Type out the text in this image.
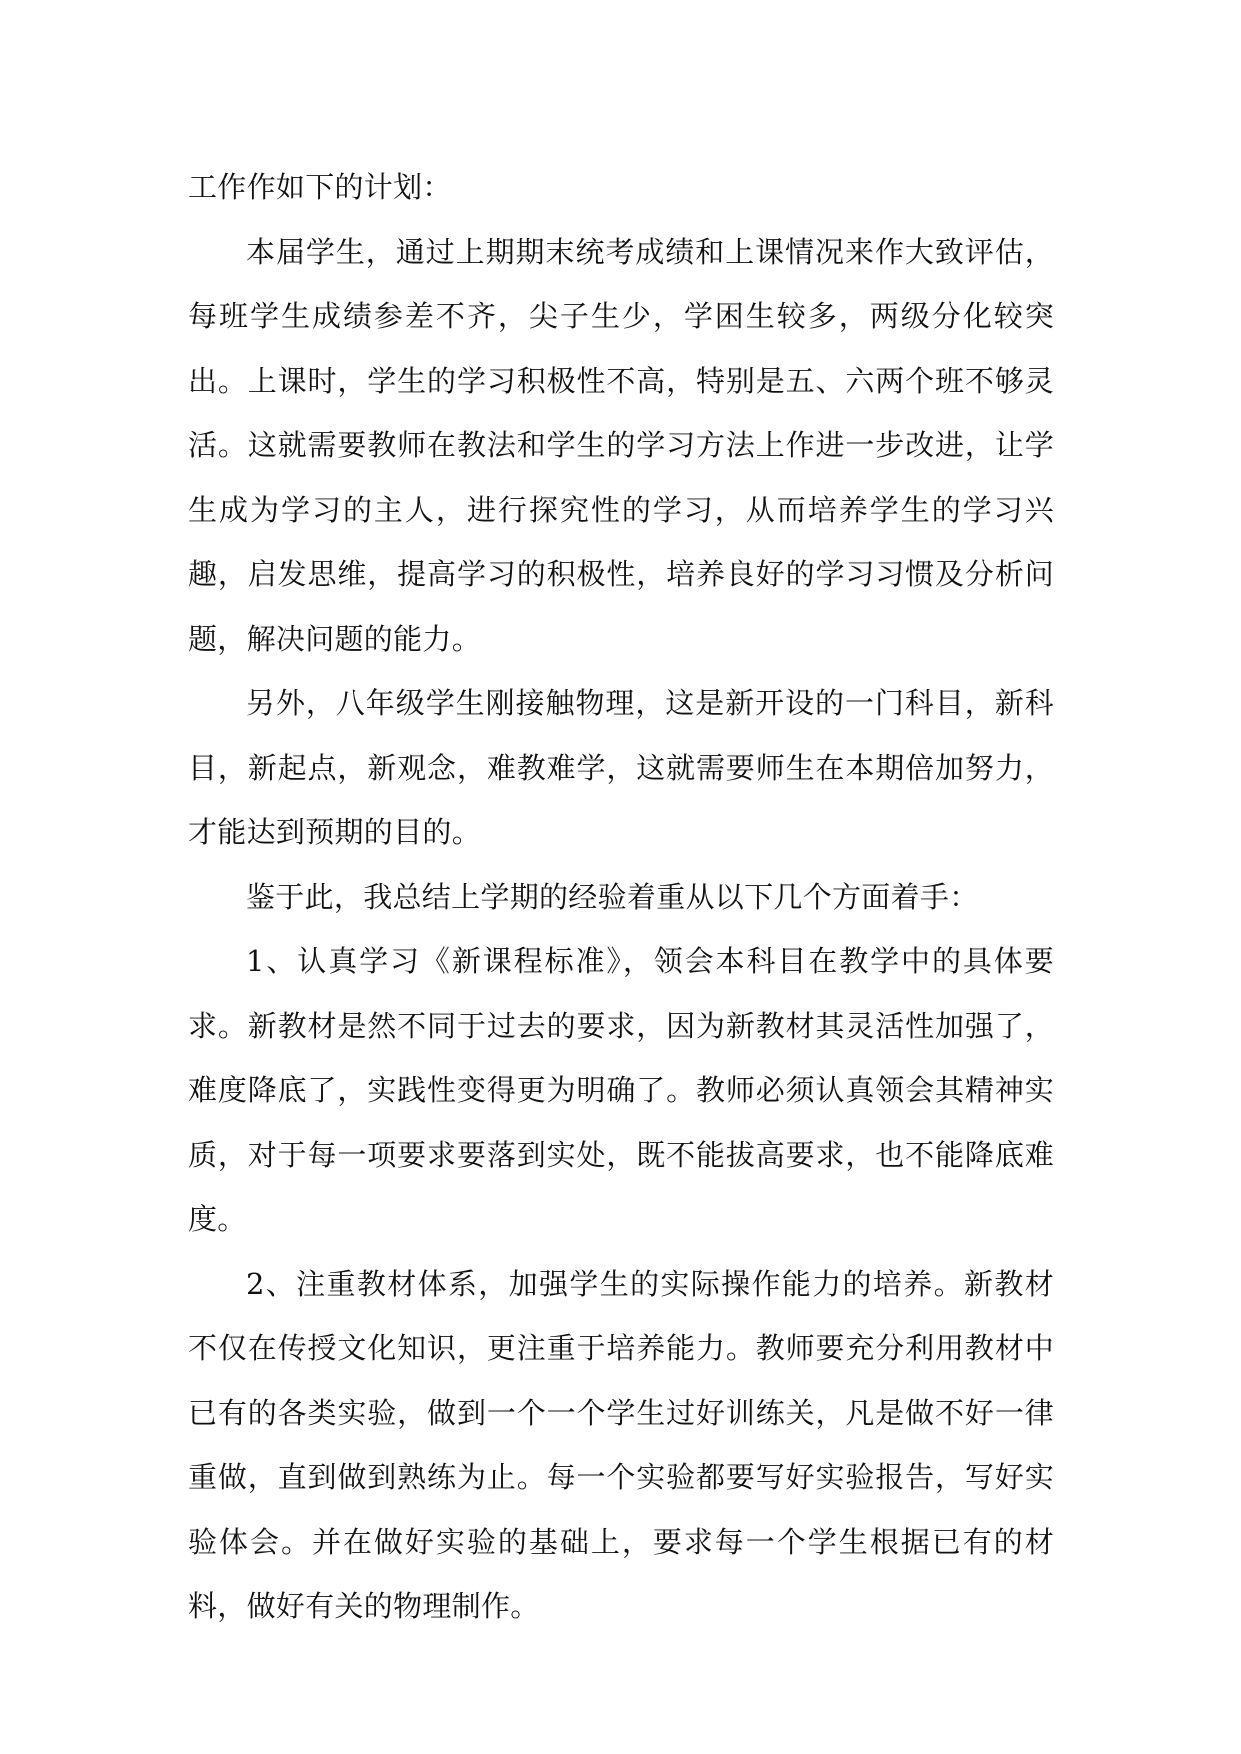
工作作如下的计划：

本届学生，通过上期期末统考成绩和上课情况来作大致评估，每班学生成绩参差不齐，尖子生少，学困生较多，两级分化较突出。上课时，学生的学习积极性不高，特别是五、六两个班不够灵活。这就需要教师在教法和学生的学习方法上作进一步改进，让学生成为学习的主人，进行探究性的学习，从而培养学生的学习兴趣，启发思维，提高学习的积极性，培养良好的学习习惯及分析问题，解决问题的能力。

另外，八年级学生刚接触物理，这是新开设的一门科目，新科目，新起点，新观念，难教难学，这就需要师生在本期倍加努力，才能达到预期的目的。

鉴于此，我总结上学期的经验着重从以下几个方面着手：

1、认真学习《新课程标准》，领会本科目在教学中的具体要求。新教材是然不同于过去的要求，因为新教材其灵活性加强了，难度降底了，实践性变得更为明确了。教师必须认真领会其精神实质，对于每一项要求要落到实处，既不能拔高要求，也不能降底难度。

2、注重教材体系，加强学生的实际操作能力的培养。新教材不仅在传授文化知识，更注重于培养能力。教师要充分利用教材中已有的各类实验，做到一个一个学生过好训练关，凡是做不好一律重做，直到做到熟练为止。每一个实验都要写好实验报告，写好实验体会。并在做好实验的基础上，要求每一个学生根据已有的材料，做好有关的物理制作。
